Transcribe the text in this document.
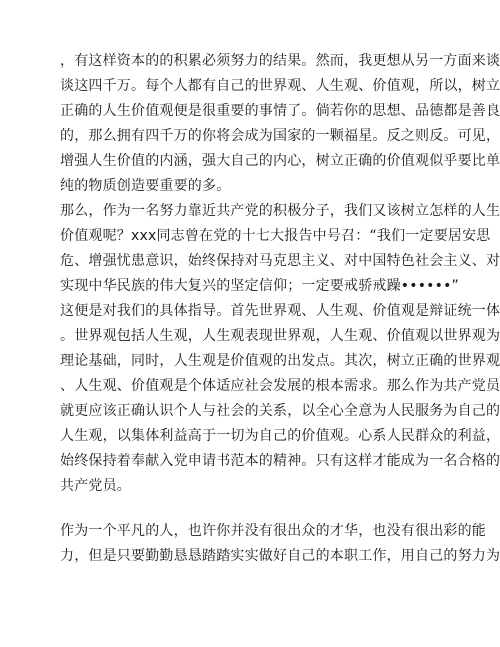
，有这样资本的的积累必须努力的结果。然而，我更想从另一方面来谈
谈这四千万。每个人都有自己的世界观、人生观、价值观，所以，树立
正确的人生价值观便是很重要的事情了。倘若你的思想、品德都是善良
的，那么拥有四千万的你将会成为国家的一颗福星。反之则反。可见，
增强人生价值的内涵，强大自己的内心，树立正确的价值观似乎要比单
纯的物质创造要重要的多。
那么，作为一名努力靠近共产党的积极分子，我们又该树立怎样的人生
价值观呢？xxx同志曾在党的十七大报告中号召：“我们一定要居安思
危、增强忧患意识，始终保持对马克思主义、对中国特色社会主义、对
实现中华民族的伟大复兴的坚定信仰；一定要戒骄戒躁••••••”
这便是对我们的具体指导。首先世界观、人生观、价值观是辩证统一体
。世界观包括人生观，人生观表现世界观，人生观、价值观以世界观为
理论基础，同时，人生观是价值观的出发点。其次，树立正确的世界观
、人生观、价值观是个体适应社会发展的根本需求。那么作为共产党员
就更应该正确认识个人与社会的关系，以全心全意为人民服务为自己的
人生观，以集体利益高于一切为自己的价值观。心系人民群众的利益，
始终保持着奉献入党申请书范本的精神。只有这样才能成为一名合格的
共产党员。
作为一个平凡的人，也许你并没有很出众的才华，也没有很出彩的能
力，但是只要勤勤恳恳踏踏实实做好自己的本职工作，用自己的努力为
